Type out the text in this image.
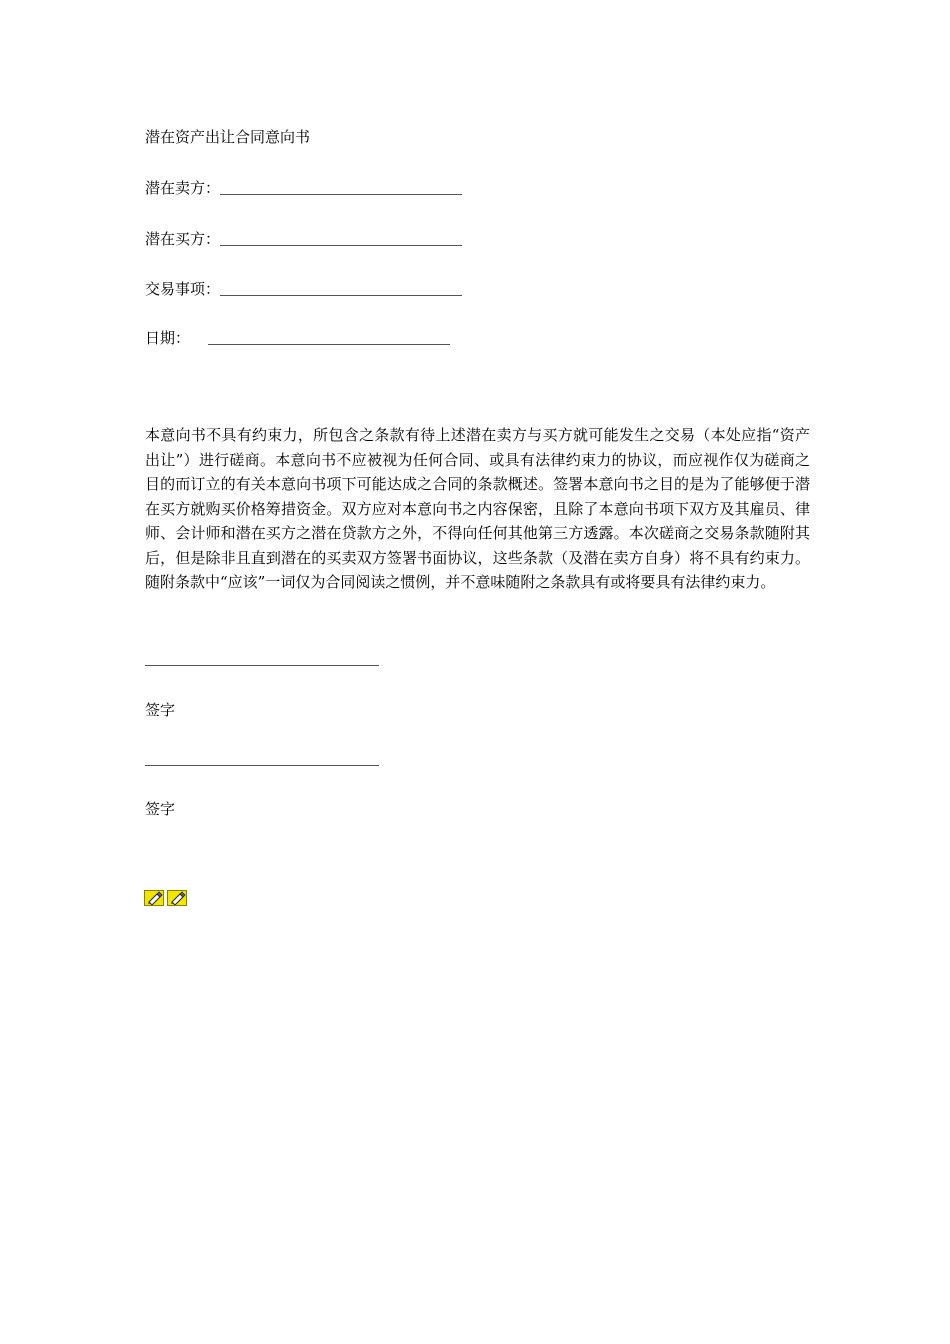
潜在资产出让合同意向书
潜在卖方：
潜在买方：
交易事项：
日期：
本意向书不具有约束力，所包含之条款有待上述潜在卖方与买方就可能发生之交易（本处应指“资产出让”）进行磋商。本意向书不应被视为任何合同、或具有法律约束力的协议，而应视作仅为磋商之目的而订立的有关本意向书项下可能达成之合同的条款概述。签署本意向书之目的是为了能够便于潜在买方就购买价格筹措资金。双方应对本意向书之内容保密，且除了本意向书项下双方及其雇员、律师、会计师和潜在买方之潜在贷款方之外，不得向任何其他第三方透露。本次磋商之交易条款随附其后，但是除非且直到潜在的买卖双方签署书面协议，这些条款（及潜在卖方自身）将不具有约束力。随附条款中“应该”一词仅为合同阅读之惯例，并不意味随附之条款具有或将要具有法律约束力。
签字
签字
